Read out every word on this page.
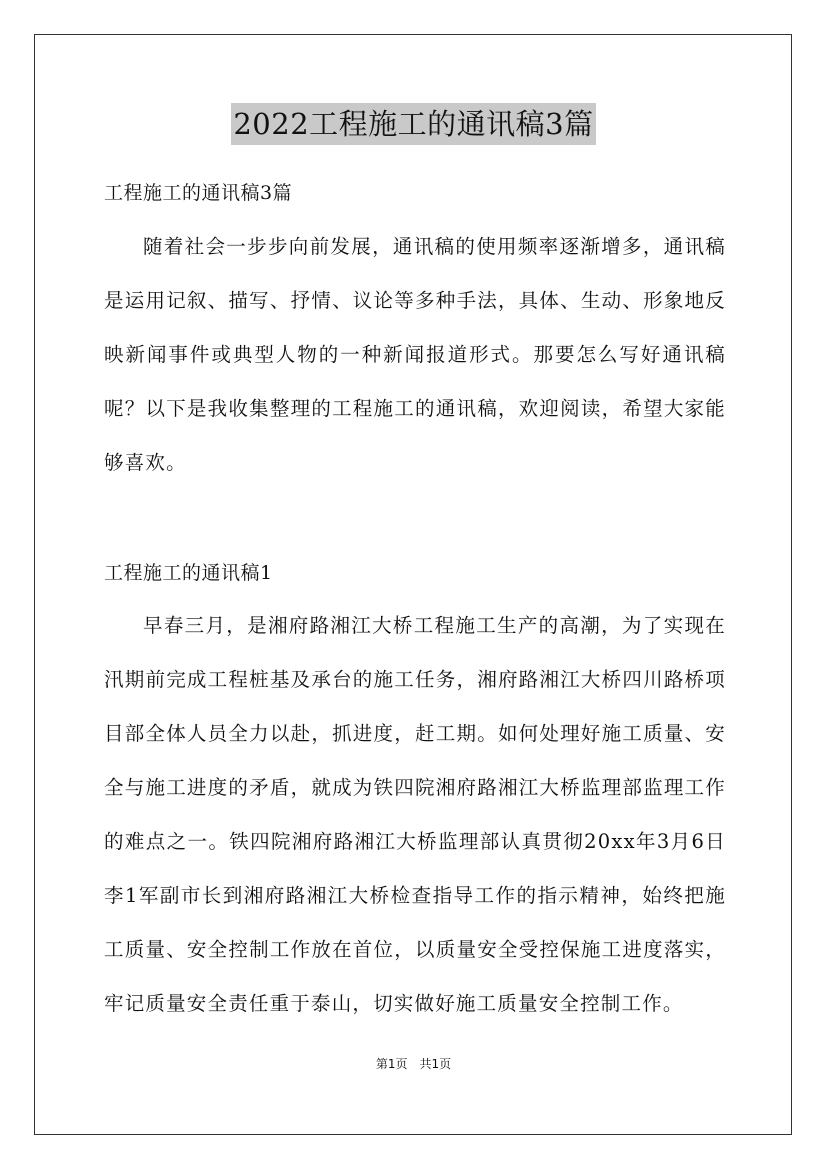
2022工程施工的通讯稿3篇

工程施工的通讯稿3篇

随着社会一步步向前发展，通讯稿的使用频率逐渐增多，通讯稿是运用记叙、描写、抒情、议论等多种手法，具体、生动、形象地反映新闻事件或典型人物的一种新闻报道形式。那要怎么写好通讯稿呢？以下是我收集整理的工程施工的通讯稿，欢迎阅读，希望大家能够喜欢。

工程施工的通讯稿1

早春三月，是湘府路湘江大桥工程施工生产的高潮，为了实现在汛期前完成工程桩基及承台的施工任务，湘府路湘江大桥四川路桥项目部全体人员全力以赴，抓进度，赶工期。如何处理好施工质量、安全与施工进度的矛盾，就成为铁四院湘府路湘江大桥监理部监理工作的难点之一。铁四院湘府路湘江大桥监理部认真贯彻20xx年3月6日李1军副市长到湘府路湘江大桥检查指导工作的指示精神，始终把施工质量、安全控制工作放在首位，以质量安全受控保施工进度落实，牢记质量安全责任重于泰山，切实做好施工质量安全控制工作。

第1页　共1页
